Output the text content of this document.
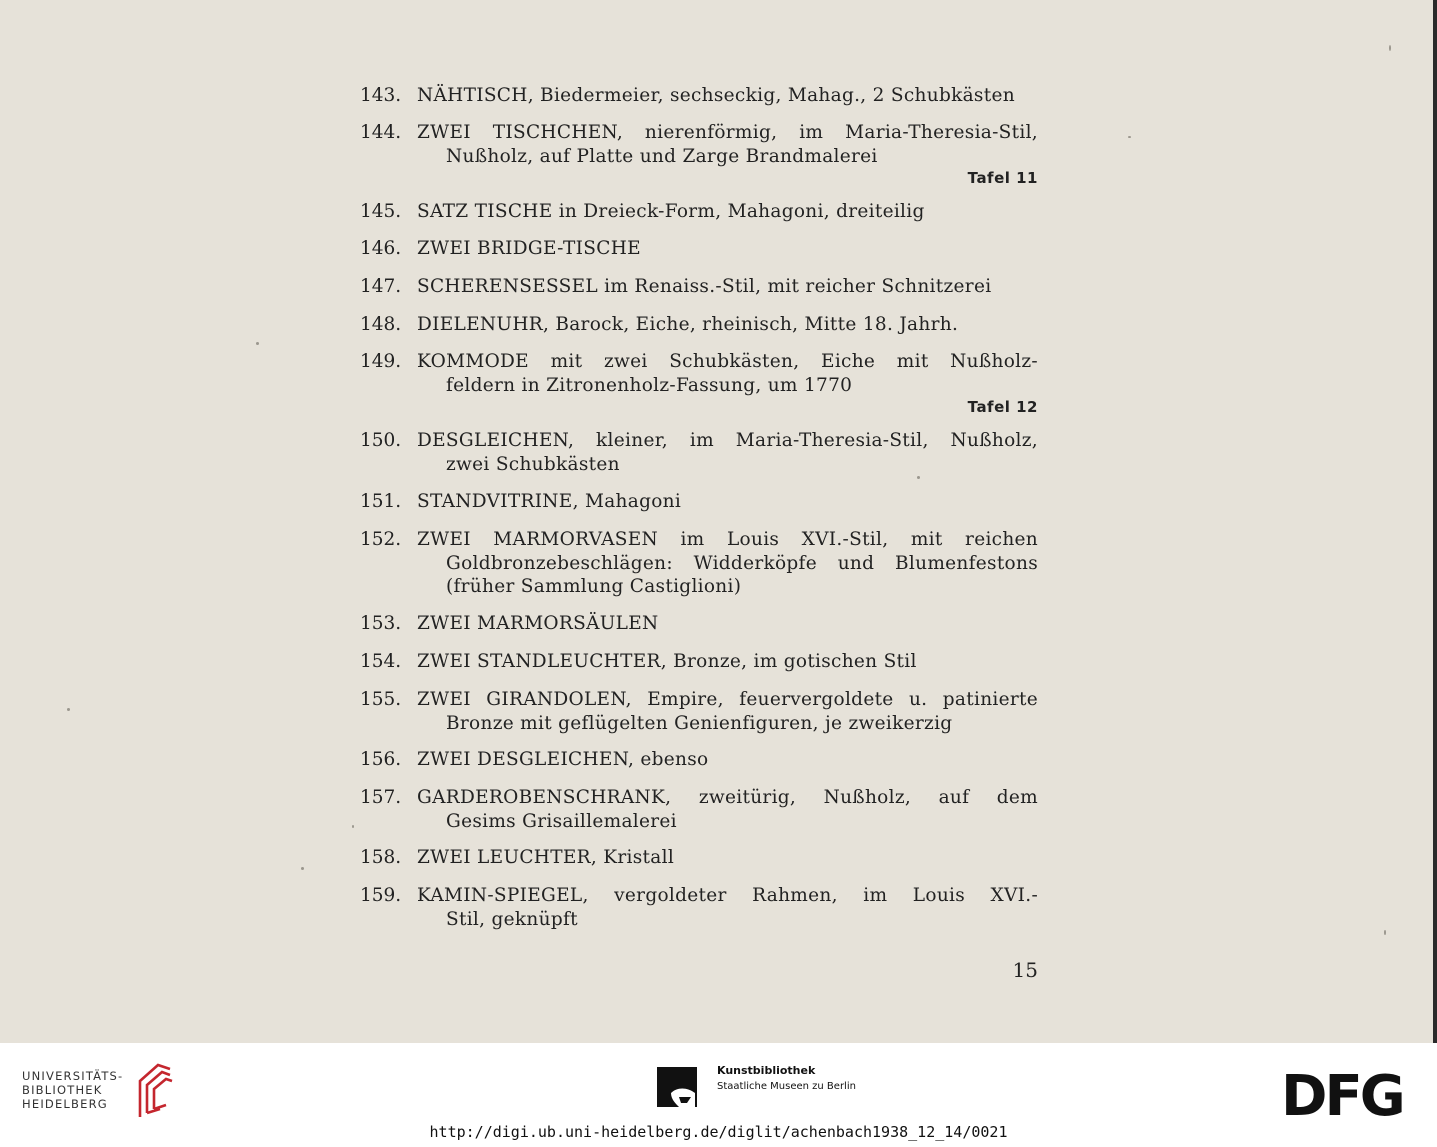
143. NÄHTISCH, Biedermeier, sechseckig, Mahag., 2 Schubkästen
144. ZWEI TISCHCHEN, nierenförmig, im Maria-Theresia-Stil,
Nußholz, auf Platte und Zarge Brandmalerei
Tafel 11
145. SATZ TISCHE in Dreieck-Form, Mahagoni, dreiteilig
146. ZWEI BRIDGE-TISCHE
147. SCHERENSESSEL im Renaiss.-Stil, mit reicher Schnitzerei
148. DIELENUHR, Barock, Eiche, rheinisch, Mitte 18. Jahrh.
149. KOMMODE mit zwei Schubkästen, Eiche mit Nußholz-
feldern in Zitronenholz-Fassung, um 1770
Tafel 12
150. DESGLEICHEN, kleiner, im Maria-Theresia-Stil, Nußholz,
zwei Schubkästen
151. STANDVITRINE, Mahagoni
152. ZWEI MARMORVASEN im Louis XVI.-Stil, mit reichen
Goldbronzebeschlägen: Widderköpfe und Blumenfestons
(früher Sammlung Castiglioni)
153. ZWEI MARMORSÄULEN
154. ZWEI STANDLEUCHTER, Bronze, im gotischen Stil
155. ZWEI GIRANDOLEN, Empire, feuervergoldete u. patinierte
Bronze mit geflügelten Genienfiguren, je zweikerzig
156. ZWEI DESGLEICHEN, ebenso
157. GARDEROBENSCHRANK, zweitürig, Nußholz, auf dem
Gesims Grisaillemalerei
158. ZWEI LEUCHTER, Kristall
159. KAMIN-SPIEGEL, vergoldeter Rahmen, im Louis XVI.-
Stil, geknüpft
15
UNIVERSITÄTS-
BIBLIOTHEK
HEIDELBERG
Kunstbibliothek
Staatliche Museen zu Berlin	DFG
http://digi.ub.uni-heidelberg.de/diglit/achenbach1938_12_14/0021
